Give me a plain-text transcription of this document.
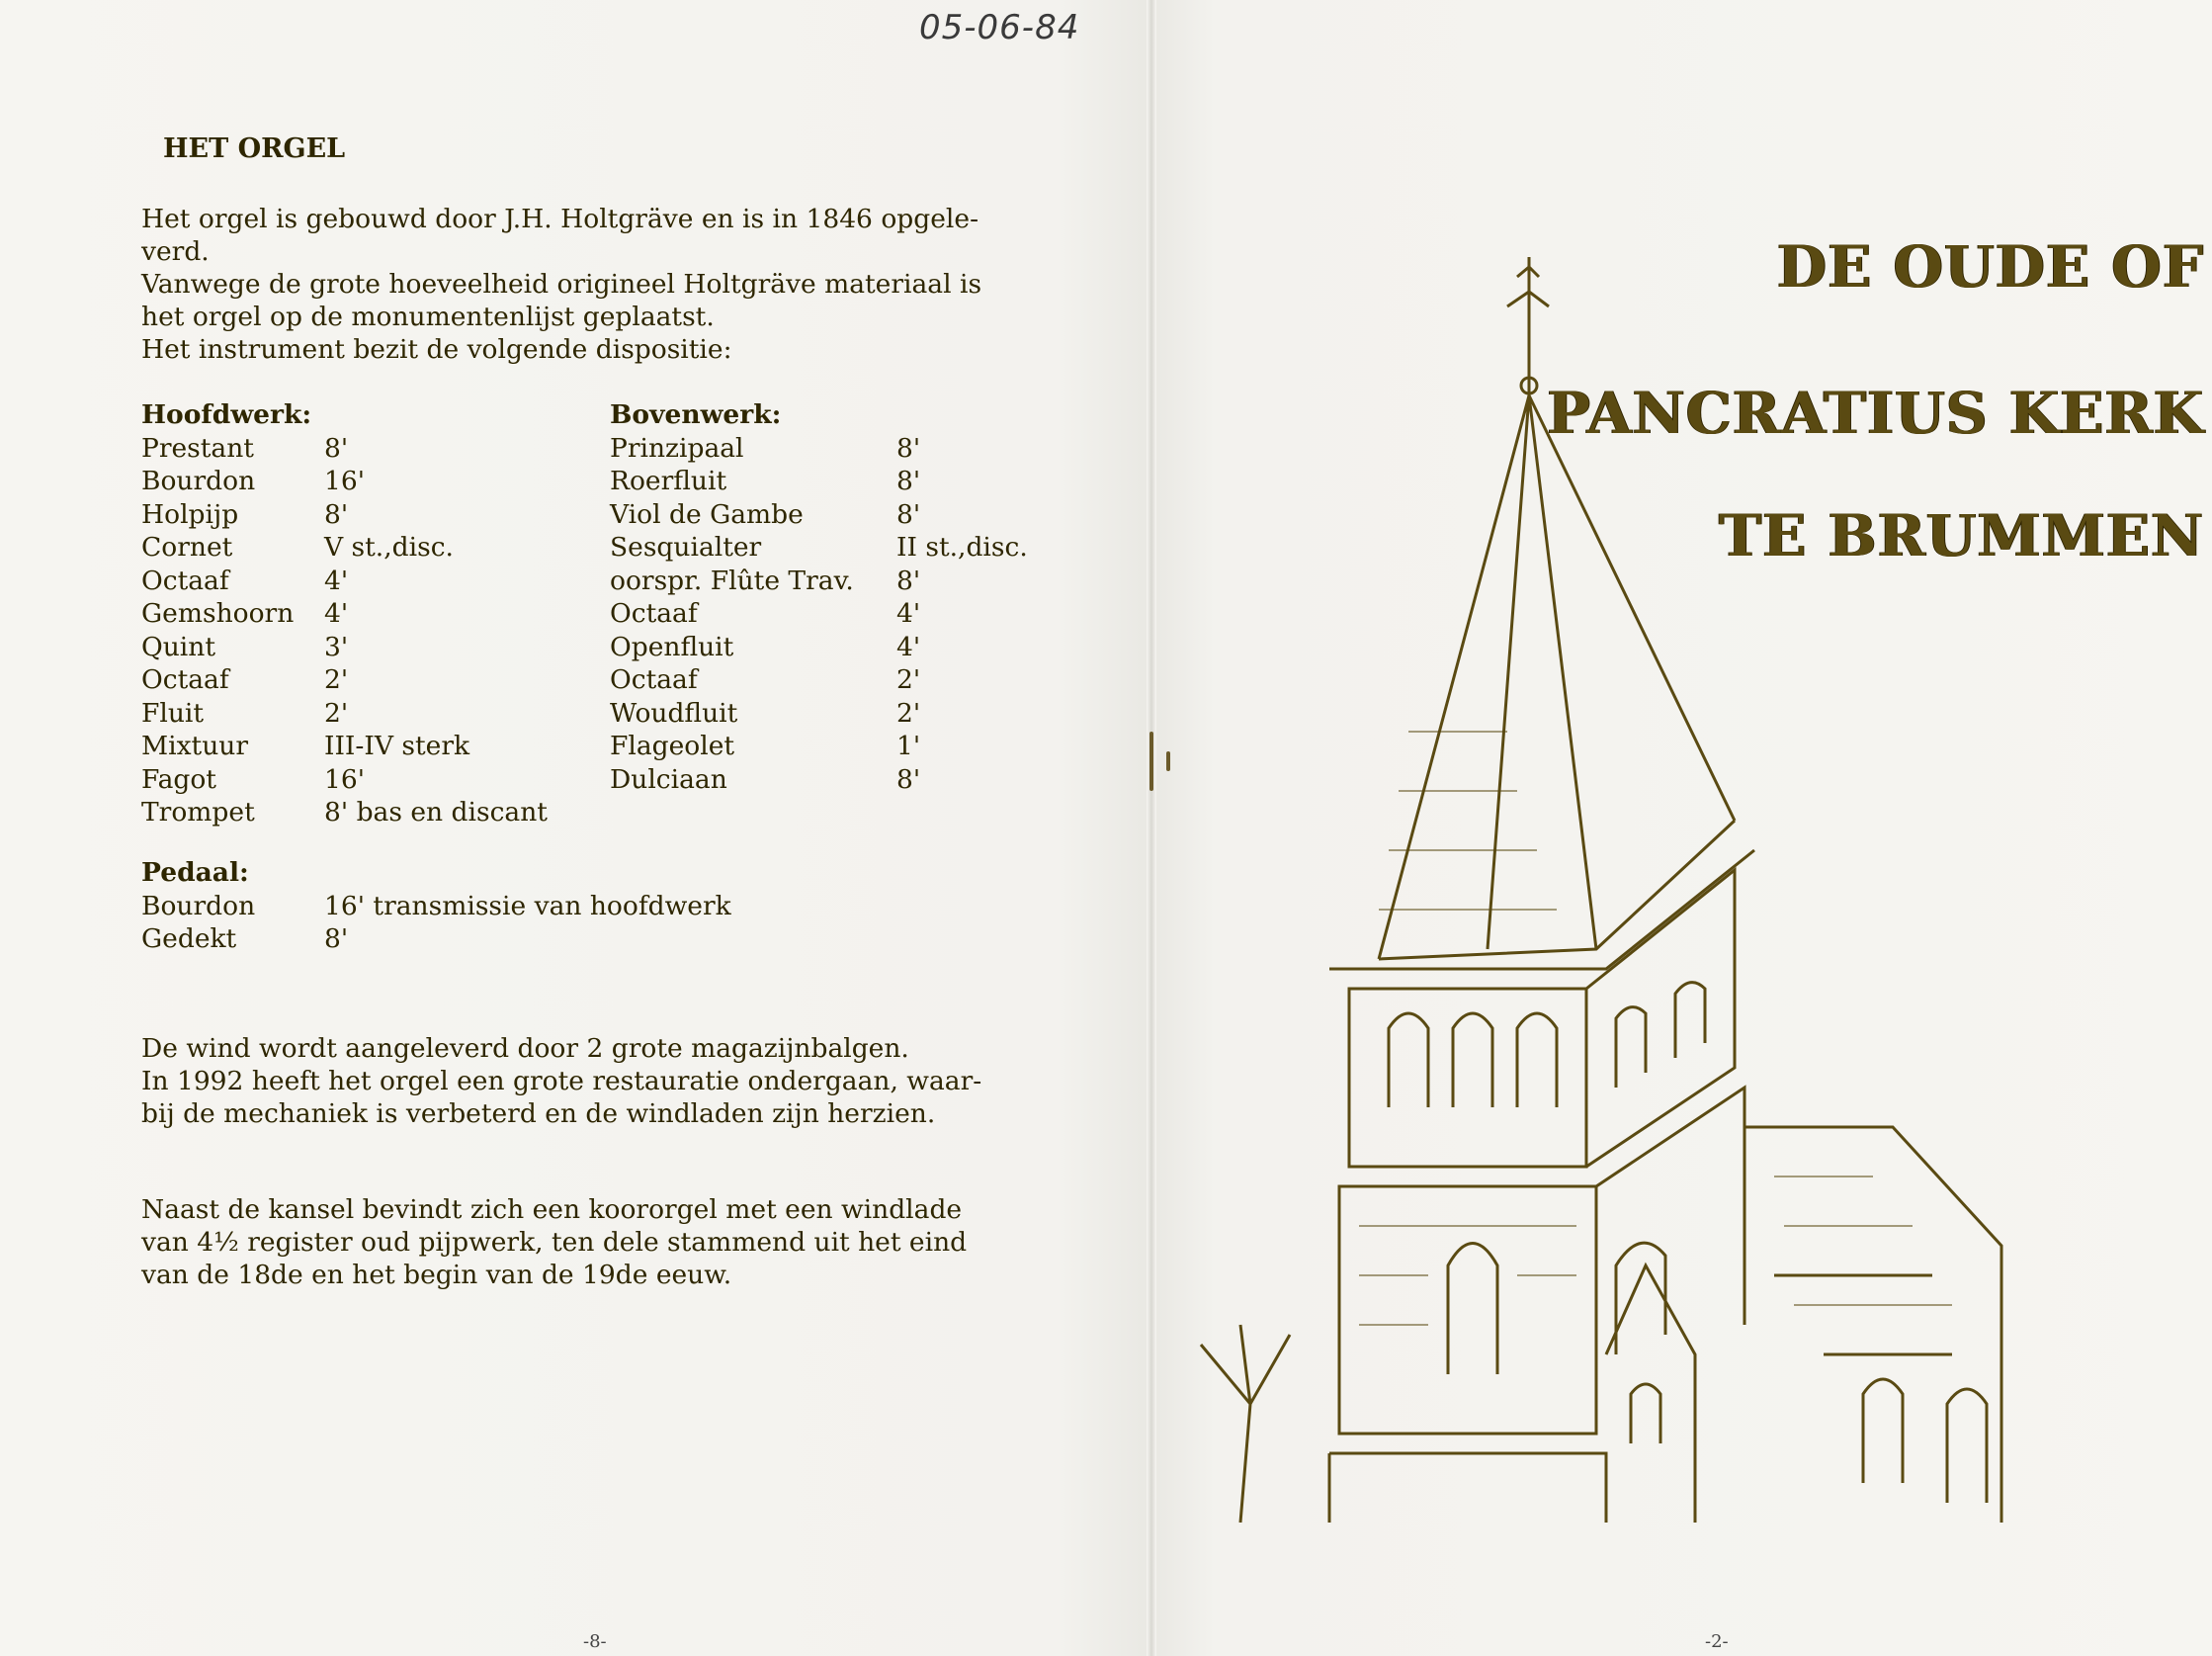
05-06-84
HET ORGEL

Het orgel is gebouwd door J.H. Holtgräve en is in 1846 opgele-

verd.

Vanwege de grote hoeveelheid origineel Holtgräve materiaal is

het orgel op de monumentenlijst geplaatst.

Het instrument bezit de volgende dispositie:

Hoofdwerk:
Prestant	8'
Bourdon	16'
Holpijp	8'
Cornet	V st.,disc.
Octaaf	4'
Gemshoorn 4'
Quint	3'
Octaaf	2'
Fluit	2'
Mixtuur	III-IV sterk
Fagot	16'
Trompet	8' bas en discant
Bovenwerk:
Prinzipaal	8'
Roerfluit	8'
Viol de Gambe	8'
Sesquialter	II st.,disc.
oorspr. Flûte Trav. 8'
Octaaf	4'
Openfluit	4'
Octaaf	2'
Woudfluit	2'
Flageolet	1'
Dulciaan	8'
Pedaal:
Bourdon	16' transmissie van hoofdwerk
Gedekt	8'

De wind wordt aangeleverd door 2 grote magazijnbalgen.

In 1992 heeft het orgel een grote restauratie ondergaan, waar-

bij de mechaniek is verbeterd en de windladen zijn herzien.

Naast de kansel bevindt zich een koororgel met een windlade

van 4½ register oud pijpwerk, ten dele stammend uit het eind

van de 18de en het begin van de 19de eeuw.

-8-
DE OUDE OF
PANCRATIUS KERK
TE BRUMMEN
-2-
